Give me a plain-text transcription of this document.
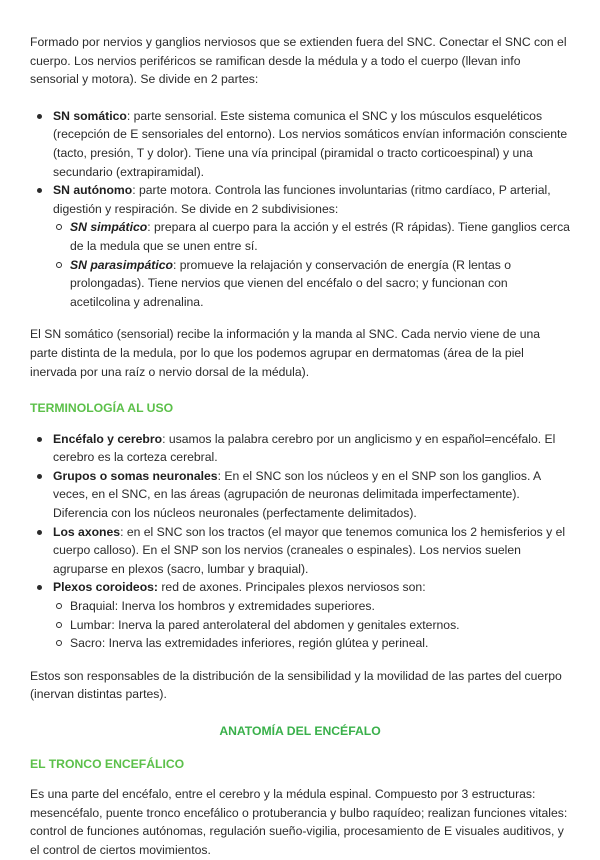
Formado por nervios y ganglios nerviosos que se extienden fuera del SNC. Conectar el SNC con el cuerpo. Los nervios periféricos se ramifican desde la médula y a todo el cuerpo (llevan info sensorial y motora). Se divide en 2 partes:

SN somático: parte sensorial. Este sistema comunica el SNC y los músculos esqueléticos (recepción de E sensoriales del entorno). Los nervios somáticos envían información consciente (tacto, presión, T y dolor). Tiene una vía principal (piramidal o tracto corticoespinal) y una secundario (extrapiramidal).
SN autónomo: parte motora. Controla las funciones involuntarias (ritmo cardíaco, P arterial, digestión y respiración. Se divide en 2 subdivisiones:
SN simpático: prepara al cuerpo para la acción y el estrés (R rápidas). Tiene ganglios cerca de la medula que se unen entre sí.
SN parasimpático: promueve la relajación y conservación de energía (R lentas o prolongadas). Tiene nervios que vienen del encéfalo o del sacro; y funcionan con acetilcolina y adrenalina.

El SN somático (sensorial) recibe la información y la manda al SNC. Cada nervio viene de una parte distinta de la medula, por lo que los podemos agrupar en dermatomas (área de la piel inervada por una raíz o nervio dorsal de la médula).

TERMINOLOGÍA AL USO

Encéfalo y cerebro: usamos la palabra cerebro por un anglicismo y en español=encéfalo. El cerebro es la corteza cerebral.
Grupos o somas neuronales: En el SNC son los núcleos y en el SNP son los ganglios. A veces, en el SNC, en las áreas (agrupación de neuronas delimitada imperfectamente). Diferencia con los núcleos neuronales (perfectamente delimitados).
Los axones: en el SNC son los tractos (el mayor que tenemos comunica los 2 hemisferios y el cuerpo calloso). En el SNP son los nervios (craneales o espinales). Los nervios suelen agruparse en plexos (sacro, lumbar y braquial).
Plexos coroideos: red de axones. Principales plexos nerviosos son:
Braquial: Inerva los hombros y extremidades superiores.
Lumbar: Inerva la pared anterolateral del abdomen y genitales externos.
Sacro: Inerva las extremidades inferiores, región glútea y perineal.

Estos son responsables de la distribución de la sensibilidad y la movilidad de las partes del cuerpo (inervan distintas partes).

ANATOMÍA DEL ENCÉFALO

EL TRONCO ENCEFÁLICO

Es una parte del encéfalo, entre el cerebro y la médula espinal. Compuesto por 3 estructuras: mesencéfalo, puente tronco encefálico o protuberancia y bulbo raquídeo; realizan funciones vitales: control de funciones autónomas, regulación sueño-vigilia, procesamiento de E visuales auditivos, y el control de ciertos movimientos.
